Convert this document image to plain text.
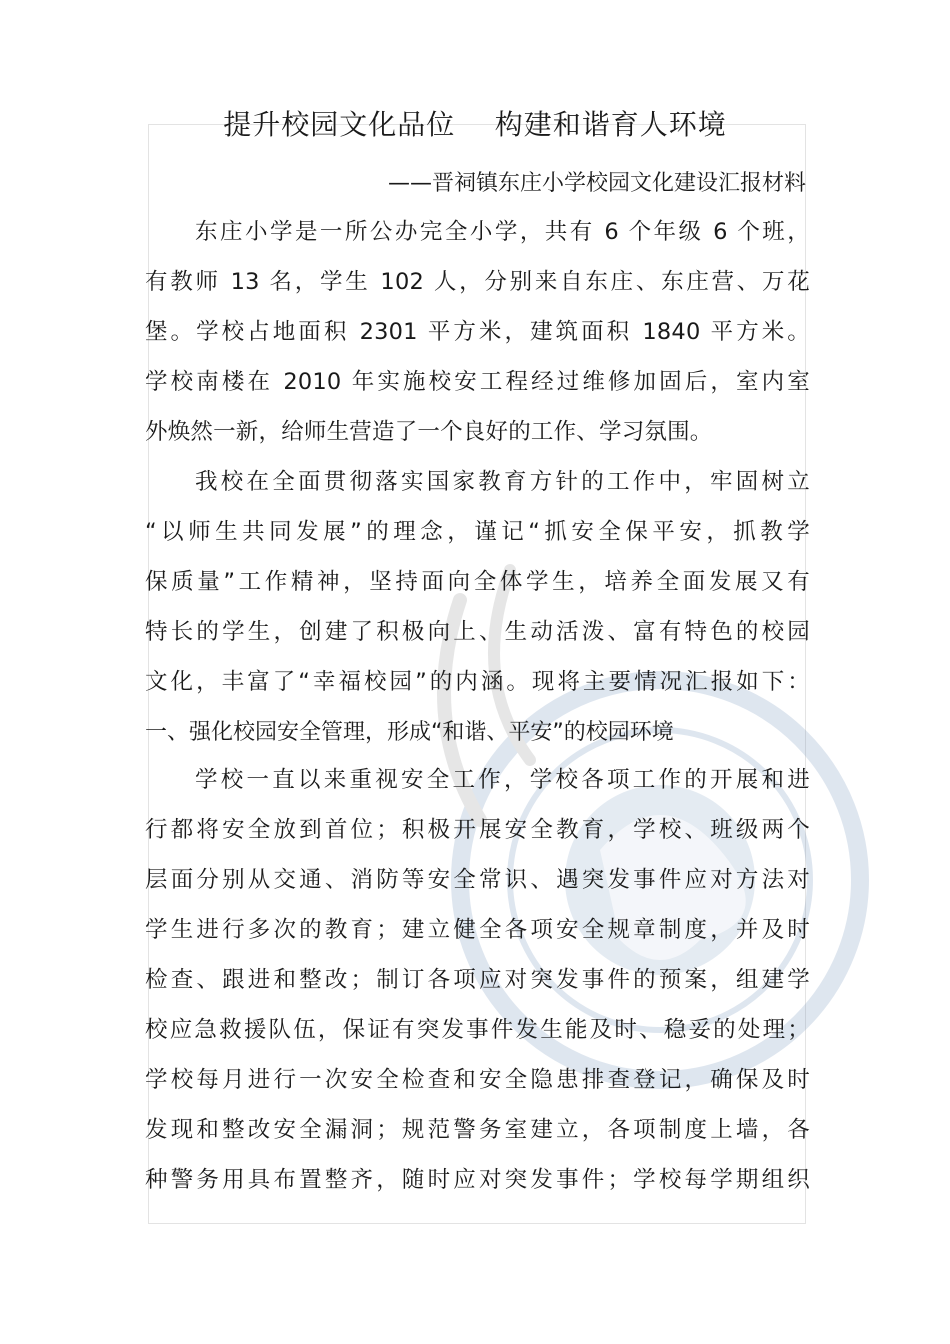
提升校园文化品位    构建和谐育人环境
——晋祠镇东庄小学校园文化建设汇报材料
东庄小学是一所公办完全小学，共有 6 个年级 6 个班，
有教师 13 名，学生 102 人，分别来自东庄、东庄营、万花
堡。学校占地面积 2301 平方米，建筑面积 1840 平方米。
学校南楼在 2010 年实施校安工程经过维修加固后，室内室
外焕然一新，给师生营造了一个良好的工作、学习氛围。
我校在全面贯彻落实国家教育方针的工作中，牢固树立
“以师生共同发展”的理念，谨记“抓安全保平安，抓教学
保质量”工作精神，坚持面向全体学生，培养全面发展又有
特长的学生，创建了积极向上、生动活泼、富有特色的校园
文化，丰富了“幸福校园”的内涵。现将主要情况汇报如下：
一、强化校园安全管理，形成“和谐、平安”的校园环境
学校一直以来重视安全工作，学校各项工作的开展和进
行都将安全放到首位；积极开展安全教育，学校、班级两个
层面分别从交通、消防等安全常识、遇突发事件应对方法对
学生进行多次的教育；建立健全各项安全规章制度，并及时
检查、跟进和整改；制订各项应对突发事件的预案，组建学
校应急救援队伍，保证有突发事件发生能及时、稳妥的处理；
学校每月进行一次安全检查和安全隐患排查登记，确保及时
发现和整改安全漏洞；规范警务室建立，各项制度上墙，各
种警务用具布置整齐，随时应对突发事件；学校每学期组织
